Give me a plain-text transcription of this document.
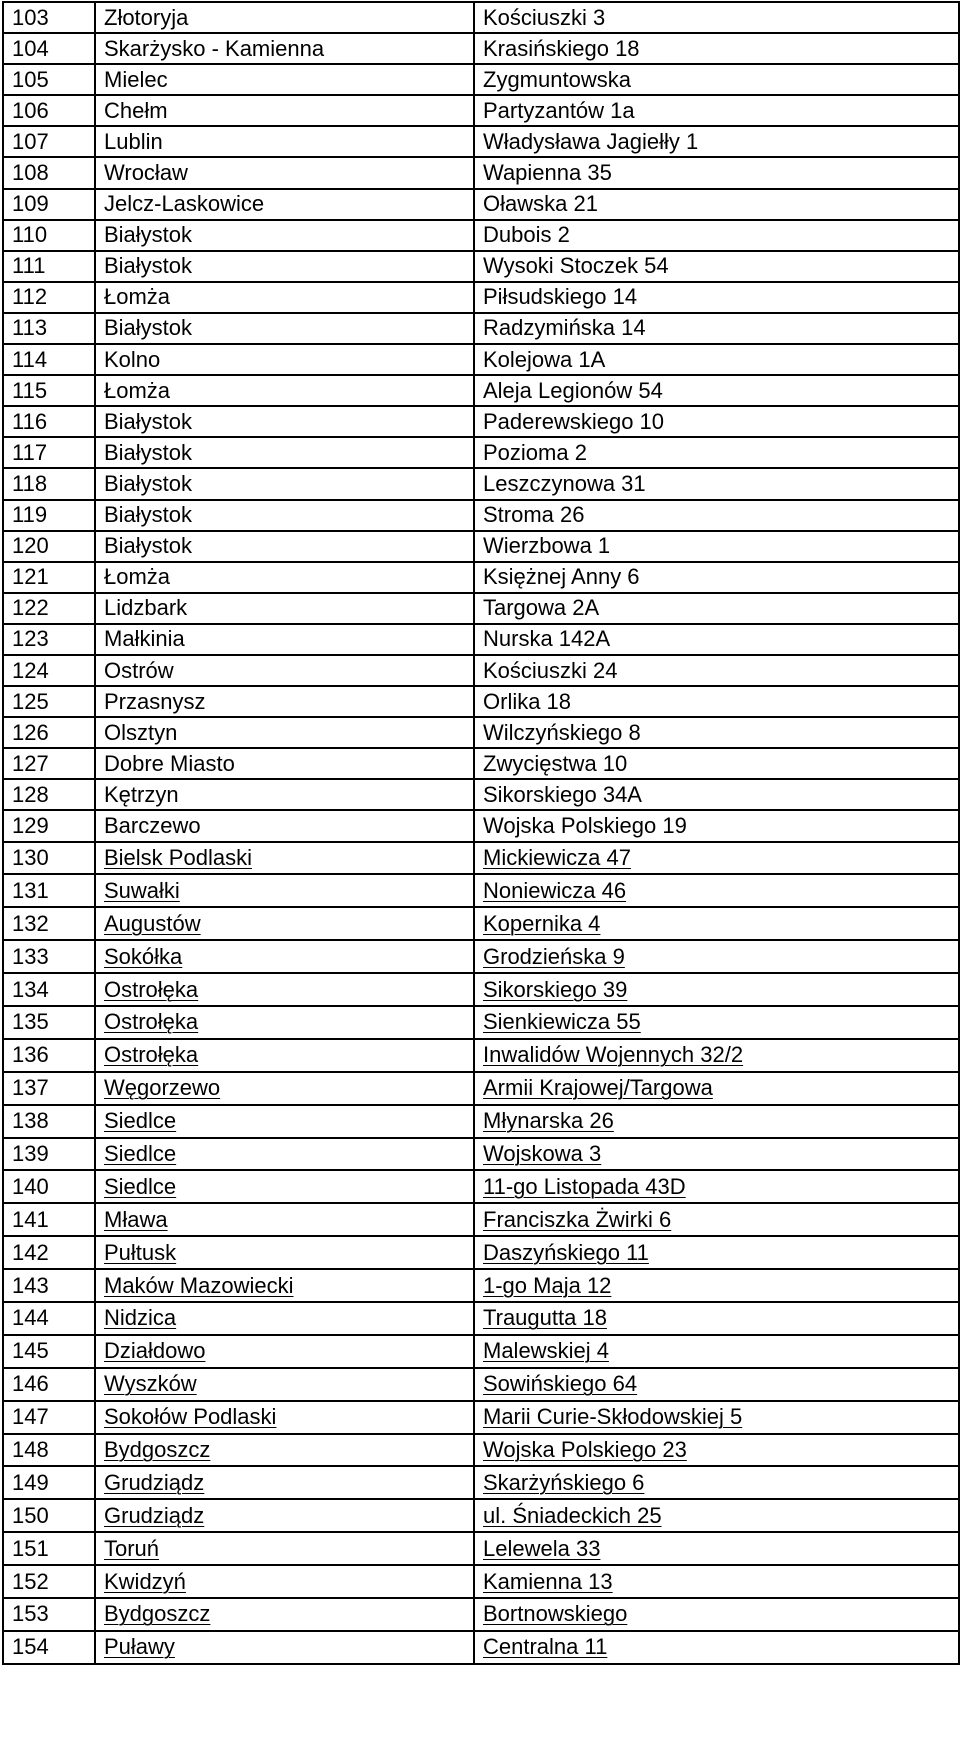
103	Złotoryja	Kościuszki 3
104	Skarżysko - Kamienna	Krasińskiego 18
105	Mielec	Zygmuntowska
106	Chełm	Partyzantów 1a
107	Lublin	Władysława Jagiełły 1
108	Wrocław	Wapienna 35
109	Jelcz-Laskowice	Oławska 21
110	Białystok	Dubois 2
111	Białystok	Wysoki Stoczek 54
112	Łomża	Piłsudskiego 14
113	Białystok	Radzymińska 14
114	Kolno	Kolejowa 1A
115	Łomża	Aleja Legionów 54
116	Białystok	Paderewskiego 10
117	Białystok	Pozioma 2
118	Białystok	Leszczynowa 31
119	Białystok	Stroma 26
120	Białystok	Wierzbowa 1
121	Łomża	Księżnej Anny 6
122	Lidzbark	Targowa 2A
123	Małkinia	Nurska 142A
124	Ostrów	Kościuszki 24
125	Przasnysz	Orlika 18
126	Olsztyn	Wilczyńskiego 8
127	Dobre Miasto	Zwycięstwa 10
128	Kętrzyn	Sikorskiego 34A
129	Barczewo	Wojska Polskiego 19
130	Bielsk Podlaski	Mickiewicza 47
131	Suwałki	Noniewicza 46
132	Augustów	Kopernika 4
133	Sokółka	Grodzieńska 9
134	Ostrołęka	Sikorskiego 39
135	Ostrołęka	Sienkiewicza 55
136	Ostrołęka	Inwalidów Wojennych 32/2
137	Węgorzewo	Armii Krajowej/Targowa
138	Siedlce	Młynarska 26
139	Siedlce	Wojskowa 3
140	Siedlce	11-go Listopada 43D
141	Mława	Franciszka Żwirki 6
142	Pułtusk	Daszyńskiego 11
143	Maków Mazowiecki	1-go Maja 12
144	Nidzica	Traugutta 18
145	Działdowo	Malewskiej 4
146	Wyszków	Sowińskiego 64
147	Sokołów Podlaski	Marii Curie-Skłodowskiej 5
148	Bydgoszcz	Wojska Polskiego 23
149	Grudziądz	Skarżyńskiego 6
150	Grudziądz	ul. Śniadeckich 25
151	Toruń	Lelewela 33
152	Kwidzyń	Kamienna 13
153	Bydgoszcz	Bortnowskiego
154	Puławy	Centralna 11
